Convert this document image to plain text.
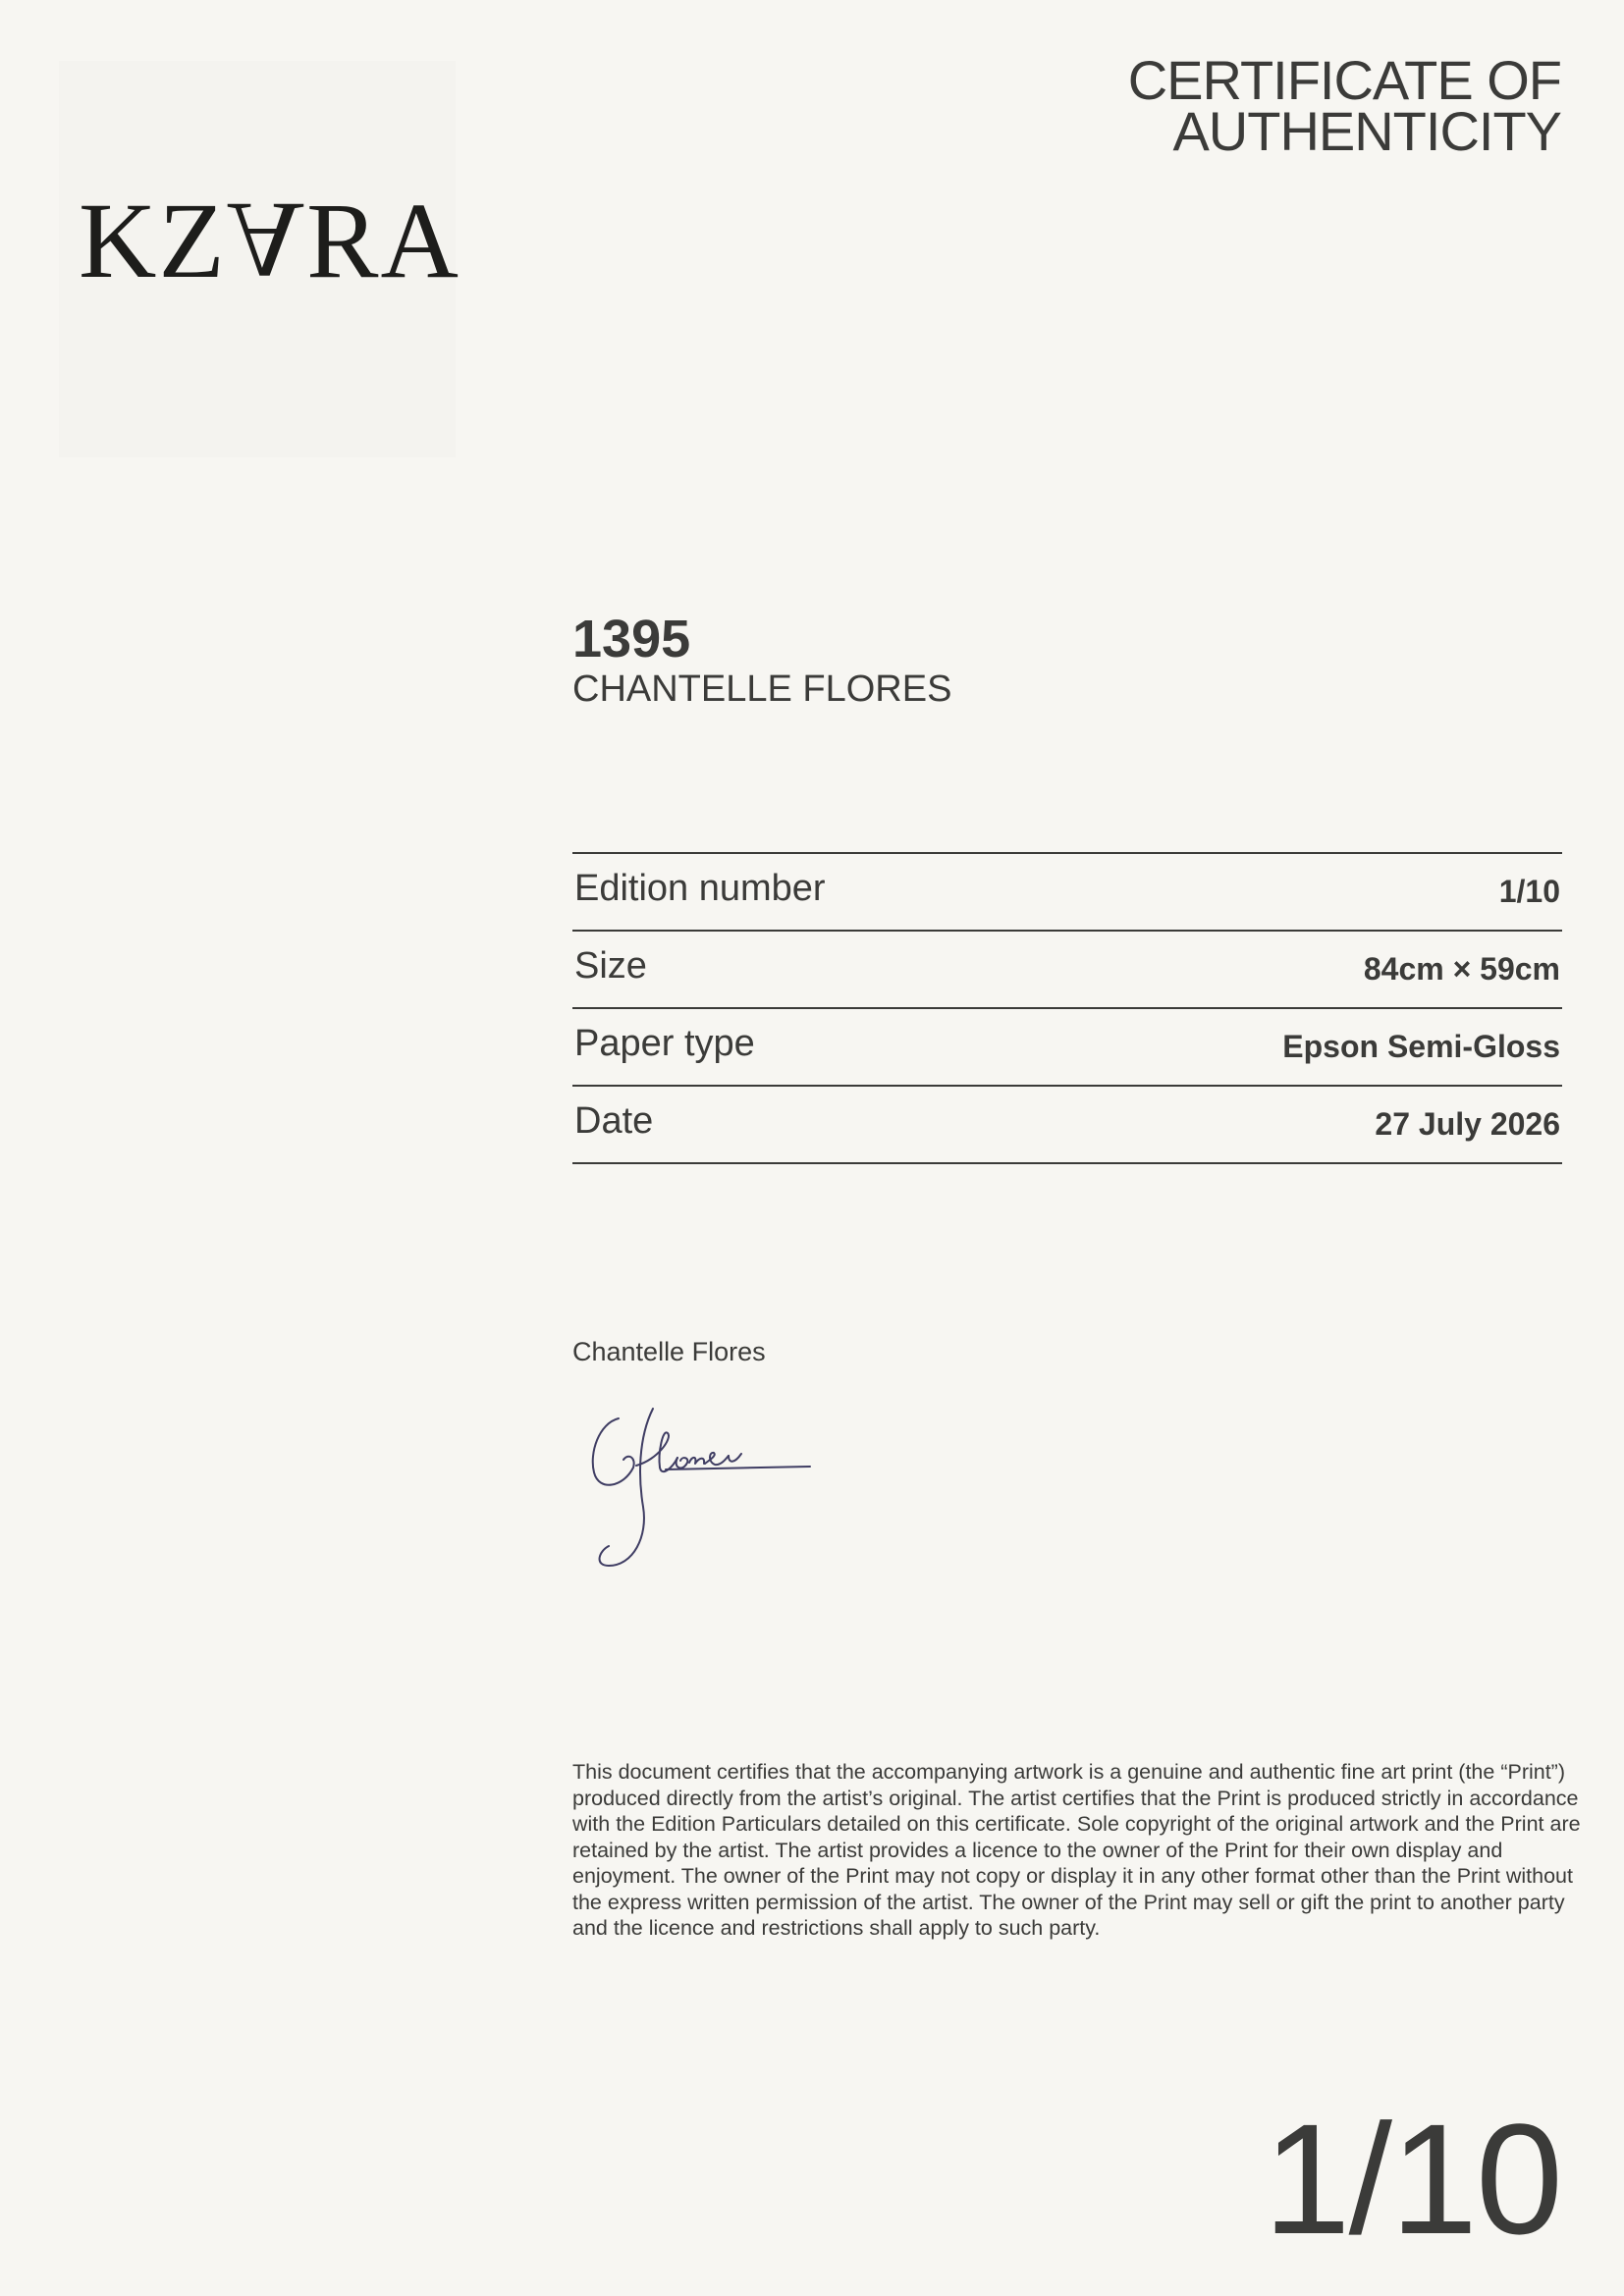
KZARA
CERTIFICATE OF
AUTHENTICITY
1395
CHANTELLE FLORES
Edition number	1/10
Size	84cm × 59cm
Paper type	Epson Semi-Gloss
Date	27 July 2026
Chantelle Flores
This document certifies that the accompanying artwork is a genuine and authentic fine art print (the “Print”) produced directly from the artist’s original. The artist certifies that the Print is produced strictly in accordance with the Edition Particulars detailed on this certificate. Sole copyright of the original artwork and the Print are retained by the artist. The artist provides a licence to the owner of the Print for their own display and enjoyment. The owner of the Print may not copy or display it in any other format other than the Print without the express written permission of the artist. The owner of the Print may sell or gift the print to another party and the licence and restrictions shall apply to such party.
1/10
